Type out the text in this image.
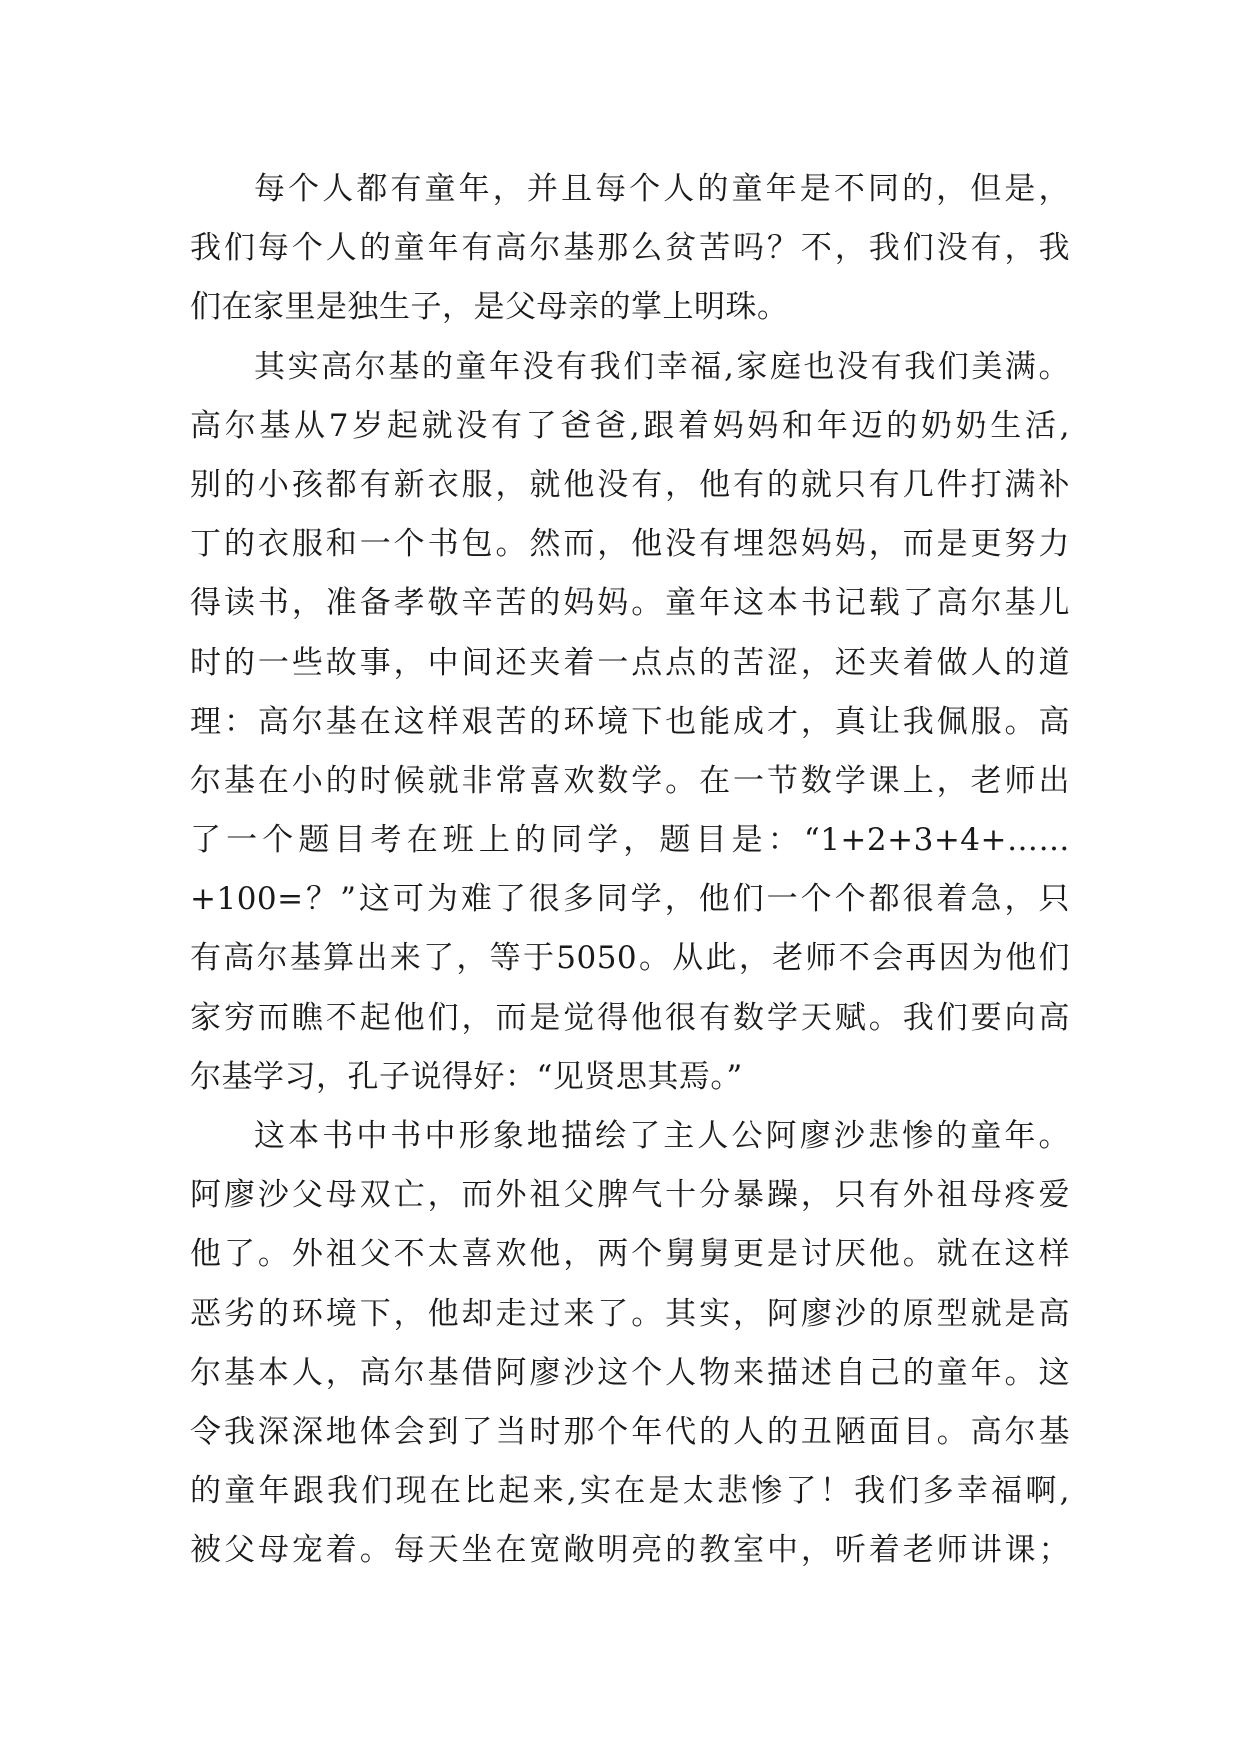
每个人都有童年，并且每个人的童年是不同的，但是，
我们每个人的童年有高尔基那么贫苦吗？不，我们没有，我
们在家里是独生子，是父母亲的掌上明珠。
其实高尔基的童年没有我们幸福,家庭也没有我们美满。
高尔基从7岁起就没有了爸爸,跟着妈妈和年迈的奶奶生活,
别的小孩都有新衣服，就他没有，他有的就只有几件打满补
丁的衣服和一个书包。然而，他没有埋怨妈妈，而是更努力
得读书，准备孝敬辛苦的妈妈。童年这本书记载了高尔基儿
时的一些故事，中间还夹着一点点的苦涩，还夹着做人的道
理：高尔基在这样艰苦的环境下也能成才，真让我佩服。高
尔基在小的时候就非常喜欢数学。在一节数学课上，老师出
了一个题目考在班上的同学，题目是：“1+2+3+4+……
+100=？”这可为难了很多同学，他们一个个都很着急，只
有高尔基算出来了，等于5050。从此，老师不会再因为他们
家穷而瞧不起他们，而是觉得他很有数学天赋。我们要向高
尔基学习，孔子说得好：“见贤思其焉。”
这本书中书中形象地描绘了主人公阿廖沙悲惨的童年。
阿廖沙父母双亡，而外祖父脾气十分暴躁，只有外祖母疼爱
他了。外祖父不太喜欢他，两个舅舅更是讨厌他。就在这样
恶劣的环境下，他却走过来了。其实，阿廖沙的原型就是高
尔基本人，高尔基借阿廖沙这个人物来描述自己的童年。这
令我深深地体会到了当时那个年代的人的丑陋面目。高尔基
的童年跟我们现在比起来,实在是太悲惨了！我们多幸福啊,
被父母宠着。每天坐在宽敞明亮的教室中，听着老师讲课；
